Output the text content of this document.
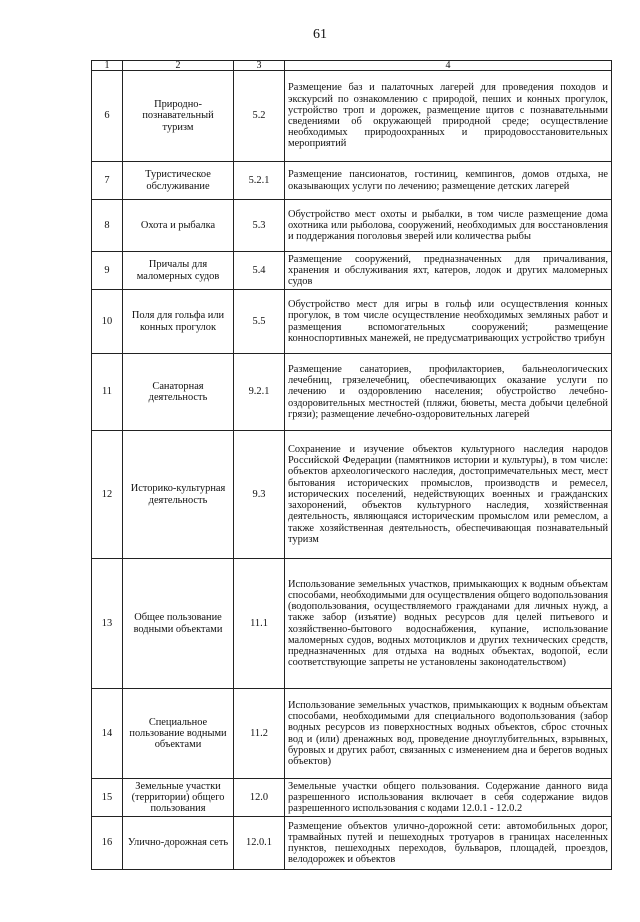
61
1	2	3	4
6	Природно-познавательный туризм	5.2	Размещение баз и палаточных лагерей для проведения походов и экскурсий по ознакомлению с природой, пеших и конных прогулок, устройство троп и дорожек, размещение щитов с познавательными сведениями об окружающей природной среде; осуществление необходимых природоохранных и природовосстановительных мероприятий
7	Туристическое обслуживание	5.2.1	Размещение пансионатов, гостиниц, кемпингов, домов отдыха, не оказывающих услуги по лечению; размещение детских лагерей
8	Охота и рыбалка	5.3	Обустройство мест охоты и рыбалки, в том числе размещение дома охотника или рыболова, сооружений, необходимых для восстановления и поддержания поголовья зверей или количества рыбы
9	Причалы для маломерных судов	5.4	Размещение сооружений, предназначенных для причаливания, хранения и обслуживания яхт, катеров, лодок и других маломерных судов
10	Поля для гольфа или конных прогулок	5.5	Обустройство мест для игры в гольф или осуществления конных прогулок, в том числе осуществление необходимых земляных работ и размещения вспомогательных сооружений; размещение конноспортивных манежей, не предусматривающих устройство трибун
11	Санаторная деятельность	9.2.1	Размещение санаториев, профилакториев, бальнеологических лечебниц, грязелечебниц, обеспечивающих оказание услуги по лечению и оздоровлению населения; обустройство лечебно-оздоровительных местностей (пляжи, бюветы, места добычи целебной грязи); размещение лечебно-оздоровительных лагерей
12	Историко-культурная деятельность	9.3	Сохранение и изучение объектов культурного наследия народов Российской Федерации (памятников истории и культуры), в том числе: объектов археологического наследия, достопримечательных мест, мест бытования исторических промыслов, производств и ремесел, исторических поселений, недействующих военных и гражданских захоронений, объектов культурного наследия, хозяйственная деятельность, являющаяся историческим промыслом или ремеслом, а также хозяйственная деятельность, обеспечивающая познавательный туризм
13	Общее пользование водными объектами	11.1	Использование земельных участков, примыкающих к водным объектам способами, необходимыми для осуществления общего водопользования (водопользования, осуществляемого гражданами для личных нужд, а также забор (изъятие) водных ресурсов для целей питьевого и хозяйственно-бытового водоснабжения, купание, использование маломерных судов, водных мотоциклов и других технических средств, предназначенных для отдыха на водных объектах, водопой, если соответствующие запреты не установлены законодательством)
14	Специальное пользование водными объектами	11.2	Использование земельных участков, примыкающих к водным объектам способами, необходимыми для специального водопользования (забор водных ресурсов из поверхностных водных объектов, сброс сточных вод и (или) дренажных вод, проведение дноуглубительных, взрывных, буровых и других работ, связанных с изменением дна и берегов водных объектов)
15	Земельные участки (территории) общего пользования	12.0	Земельные участки общего пользования. Содержание данного вида разрешенного использования включает в себя содержание видов разрешенного использования с кодами 12.0.1 - 12.0.2
16	Улично-дорожная сеть	12.0.1	Размещение объектов улично-дорожной сети: автомобильных дорог, трамвайных путей и пешеходных тротуаров в границах населенных пунктов, пешеходных переходов, бульваров, площадей, проездов, велодорожек и объектов
